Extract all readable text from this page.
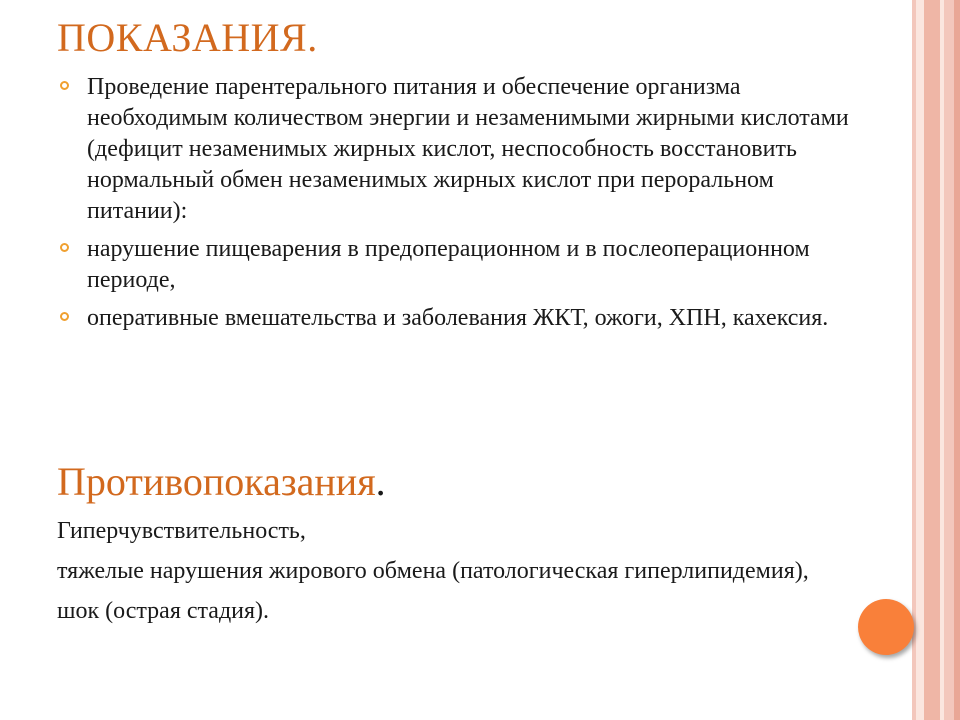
ПОКАЗАНИЯ.
Проведение парентерального питания и обеспечение организма необходимым количеством энергии и незаменимыми жирными кислотами (дефицит незаменимых жирных кислот, неспособность восстановить нормальный обмен незаменимых жирных кислот при пероральном питании):
нарушение пищеварения в предоперационном и в послеоперационном периоде,
оперативные вмешательства и заболевания ЖКТ, ожоги, ХПН, кахексия.
Противопоказания.
Гиперчувствительность,
тяжелые нарушения жирового обмена (патологическая гиперлипидемия),
шок (острая стадия).
